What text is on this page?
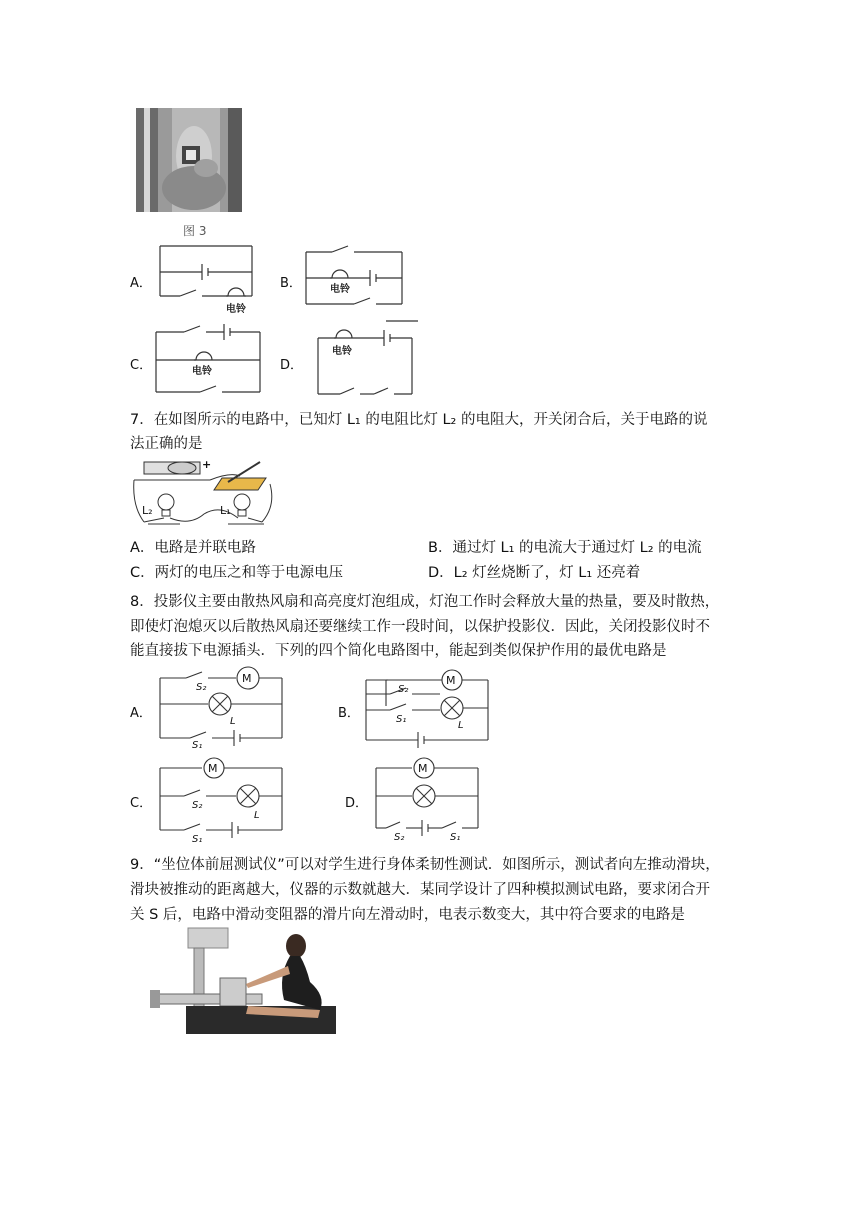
图 3
A．
电铃
B．	电铃
C．	电铃	D．
电铃
7．在如图所示的电路中，已知灯 L₁ 的电阻比灯 L₂ 的电阻大，开关闭合后，关于电路的说
法正确的是
+
L₂	L₁
A．电路是并联电路	B．通过灯 L₁ 的电流大于通过灯 L₂ 的电流
C．两灯的电压之和等于电源电压	D．L₂ 灯丝烧断了，灯 L₁ 还亮着
8．投影仪主要由散热风扇和高亮度灯泡组成，灯泡工作时会释放大量的热量，要及时散热，
即使灯泡熄灭以后散热风扇还要继续工作一段时间，以保护投影仪．因此，关闭投影仪时不
能直接拔下电源插头．下列的四个简化电路图中，能起到类似保护作用的最优电路是
A．
S₂
M
L
S₁
B．
S₂
M
S₁
L
C．
M
S₂
L
S₁
D．
M
S₂	S₁
9．“坐位体前屈测试仪”可以对学生进行身体柔韧性测试．如图所示，测试者向左推动滑块，
滑块被推动的距离越大，仪器的示数就越大．某同学设计了四种模拟测试电路，要求闭合开
关 S 后，电路中滑动变阻器的滑片向左滑动时，电表示数变大，其中符合要求的电路是
